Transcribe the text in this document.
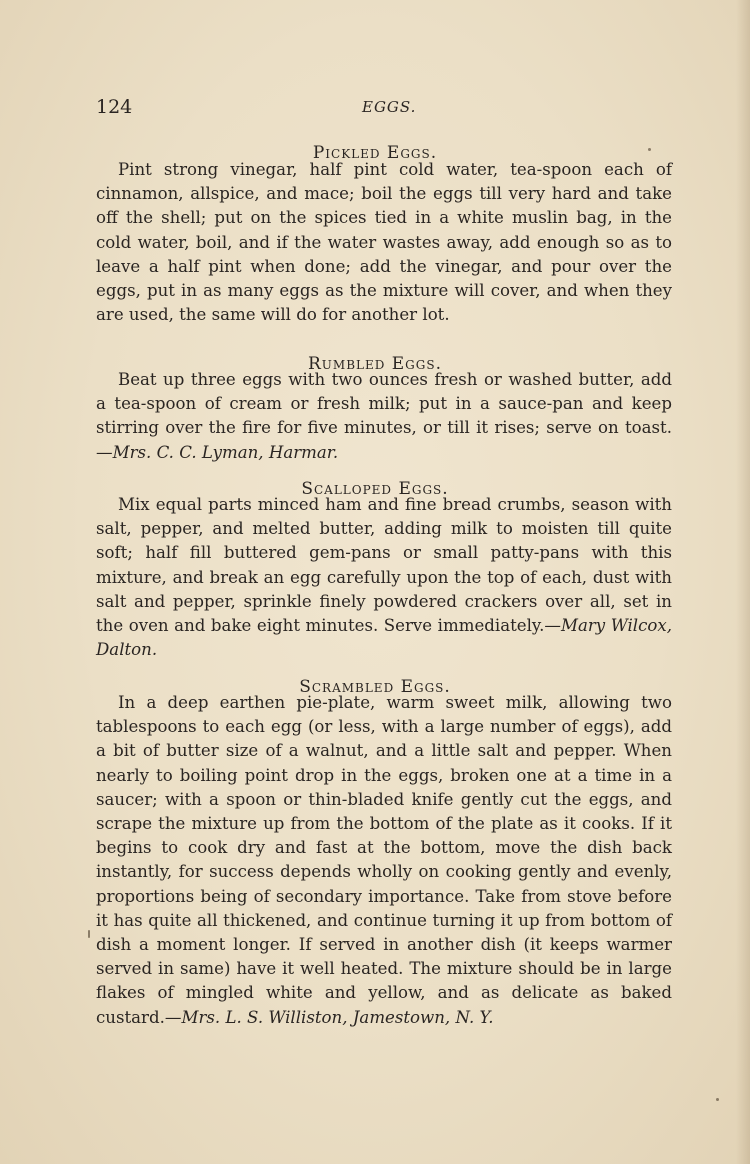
124	EGGS.
Pickled Eggs.

Pint strong vinegar, half pint cold water, tea-spoon each of cinnamon, allspice, and mace; boil the eggs till very hard and take off the shell; put on the spices tied in a white muslin bag, in the cold water, boil, and if the water wastes away, add enough so as to leave a half pint when done; add the vinegar, and pour over the eggs, put in as many eggs as the mixture will cover, and when they are used, the same will do for another lot.

Rumbled Eggs.

Beat up three eggs with two ounces fresh or washed butter, add a tea-spoon of cream or fresh milk; put in a sauce-pan and keep stirring over the fire for five minutes, or till it rises; serve on toast.—Mrs. C. C. Lyman, Harmar.

Scalloped Eggs.

Mix equal parts minced ham and fine bread crumbs, season with salt, pepper, and melted butter, adding milk to moisten till quite soft; half fill buttered gem-pans or small patty-pans with this mixture, and break an egg carefully upon the top of each, dust with salt and pepper, sprinkle finely powdered crackers over all, set in the oven and bake eight minutes. Serve immediately.—Mary Wilcox, Dalton.

Scrambled Eggs.

In a deep earthen pie-plate, warm sweet milk, allowing two tablespoons to each egg (or less, with a large number of eggs), add a bit of butter size of a walnut, and a little salt and pepper. When nearly to boiling point drop in the eggs, broken one at a time in a saucer; with a spoon or thin-bladed knife gently cut the eggs, and scrape the mixture up from the bottom of the plate as it cooks. If it begins to cook dry and fast at the bottom, move the dish back instantly, for success depends wholly on cooking gently and evenly, proportions being of secondary importance. Take from stove before it has quite all thickened, and continue turning it up from bottom of dish a moment longer. If served in another dish (it keeps warmer served in same) have it well heated. The mixture should be in large flakes of mingled white and yellow, and as delicate as baked custard.—Mrs. L. S. Williston, Jamestown, N. Y.
